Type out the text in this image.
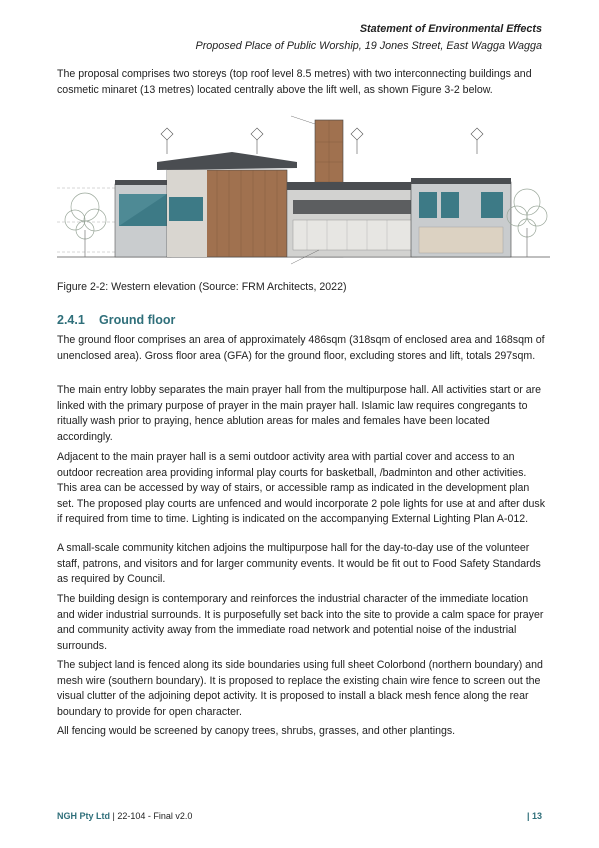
Statement of Environmental Effects
Proposed Place of Public Worship, 19 Jones Street, East Wagga Wagga

The proposal comprises two storeys (top roof level 8.5 metres) with two interconnecting buildings and cosmetic minaret (13 metres) located centrally above the lift well, as shown Figure 3-2 below.

Figure 2-2: Western elevation (Source: FRM Architects, 2022)
2.4.1 Ground floor

The ground floor comprises an area of approximately 486sqm (318sqm of enclosed area and 168sqm of unenclosed area). Gross floor area (GFA) for the ground floor, excluding stores and lift, totals 297sqm.

The main entry lobby separates the main prayer hall from the multipurpose hall. All activities start or are linked with the primary purpose of prayer in the main prayer hall. Islamic law requires congregants to ritually wash prior to praying, hence ablution areas for males and females have been located accordingly.

Adjacent to the main prayer hall is a semi outdoor activity area with partial cover and access to an outdoor recreation area providing informal play courts for basketball, /badminton and other activities. This area can be accessed by way of stairs, or accessible ramp as indicated in the development plan set. The proposed play courts are unfenced and would incorporate 2 pole lights for use at and after dusk if required from time to time. Lighting is indicated on the accompanying External Lighting Plan A-012.

A small-scale community kitchen adjoins the multipurpose hall for the day-to-day use of the volunteer staff, patrons, and visitors and for larger community events. It would be fit out to Food Safety Standards as required by Council.

The building design is contemporary and reinforces the industrial character of the immediate location and wider industrial surrounds. It is purposefully set back into the site to provide a calm space for prayer and community activity away from the immediate road network and potential noise of the industrial surrounds.

The subject land is fenced along its side boundaries using full sheet Colorbond (northern boundary) and mesh wire (southern boundary). It is proposed to replace the existing chain wire fence to screen out the visual clutter of the adjoining depot activity. It is proposed to install a black mesh fence along the rear boundary to provide for open character.

All fencing would be screened by canopy trees, shrubs, grasses, and other plantings.

NGH Pty Ltd | 22-104 - Final v2.0	| 13
